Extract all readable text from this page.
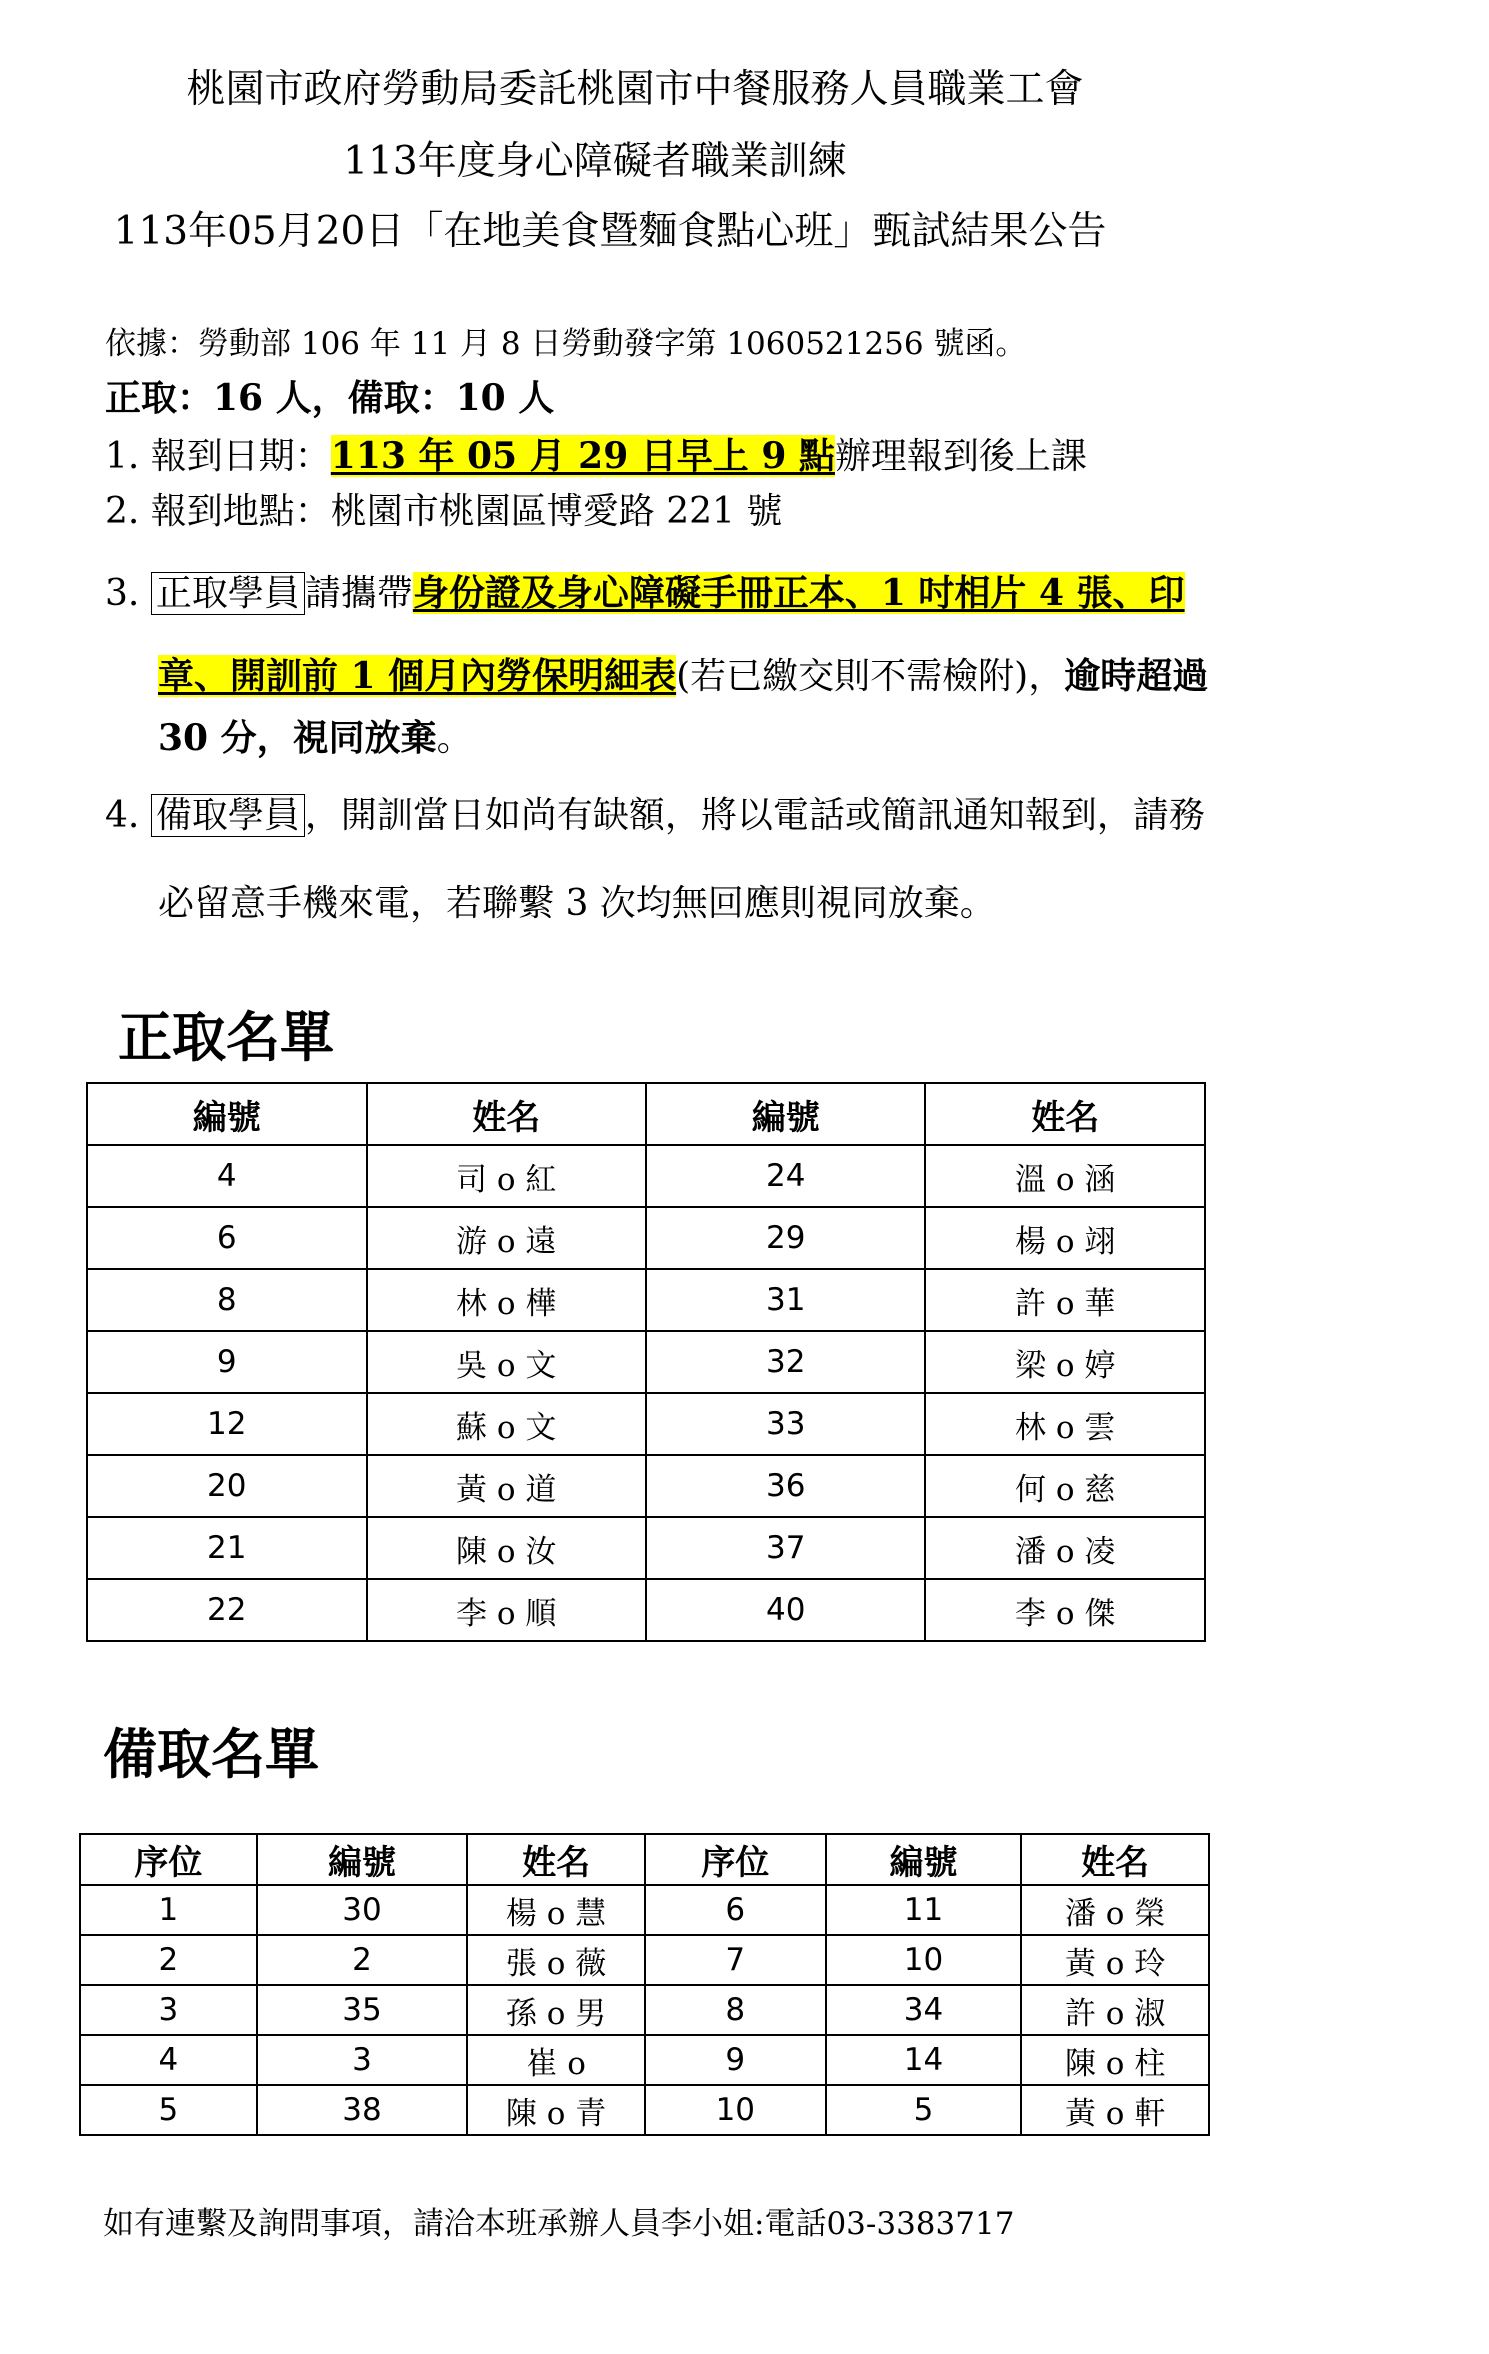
桃園市政府勞動局委託桃園市中餐服務人員職業工會
113年度身心障礙者職業訓練
113年05月20日「在地美食暨麵食點心班」甄試結果公告
依據：勞動部 106 年 11 月 8 日勞動發字第 1060521256 號函。
正取：16 人，備取：10 人
1. 報到日期：113 年 05 月 29 日早上 9 點辦理報到後上課
2. 報到地點：桃園市桃園區博愛路 221 號
3. 正取學員 請攜帶身份證及身心障礙手冊正本、1 吋相片 4 張、印
章、開訓前 1 個月內勞保明細表(若已繳交則不需檢附)，逾時超過
30 分，視同放棄。
4. 備取學員 ，開訓當日如尚有缺額，將以電話或簡訊通知報到，請務
必留意手機來電，若聯繫 3 次均無回應則視同放棄。
正取名單
編號	姓名	編號	姓名
4	司 o 紅	24	溫 o 涵
6	游 o 遠	29	楊 o 翊
8	林 o 樺	31	許 o 華
9	吳 o 文	32	梁 o 婷
12	蘇 o 文	33	林 o 雲
20	黃 o 道	36	何 o 慈
21	陳 o 汝	37	潘 o 凌
22	李 o 順	40	李 o 傑
備取名單
序位	編號	姓名	序位	編號	姓名
1	30	楊 o 慧	6	11	潘 o 榮
2	2	張 o 薇	7	10	黃 o 玲
3	35	孫 o 男	8	34	許 o 淑
4	3	崔 o	9	14	陳 o 柱
5	38	陳 o 青	10	5	黃 o 軒
如有連繫及詢問事項，請洽本班承辦人員李小姐:電話03-3383717
